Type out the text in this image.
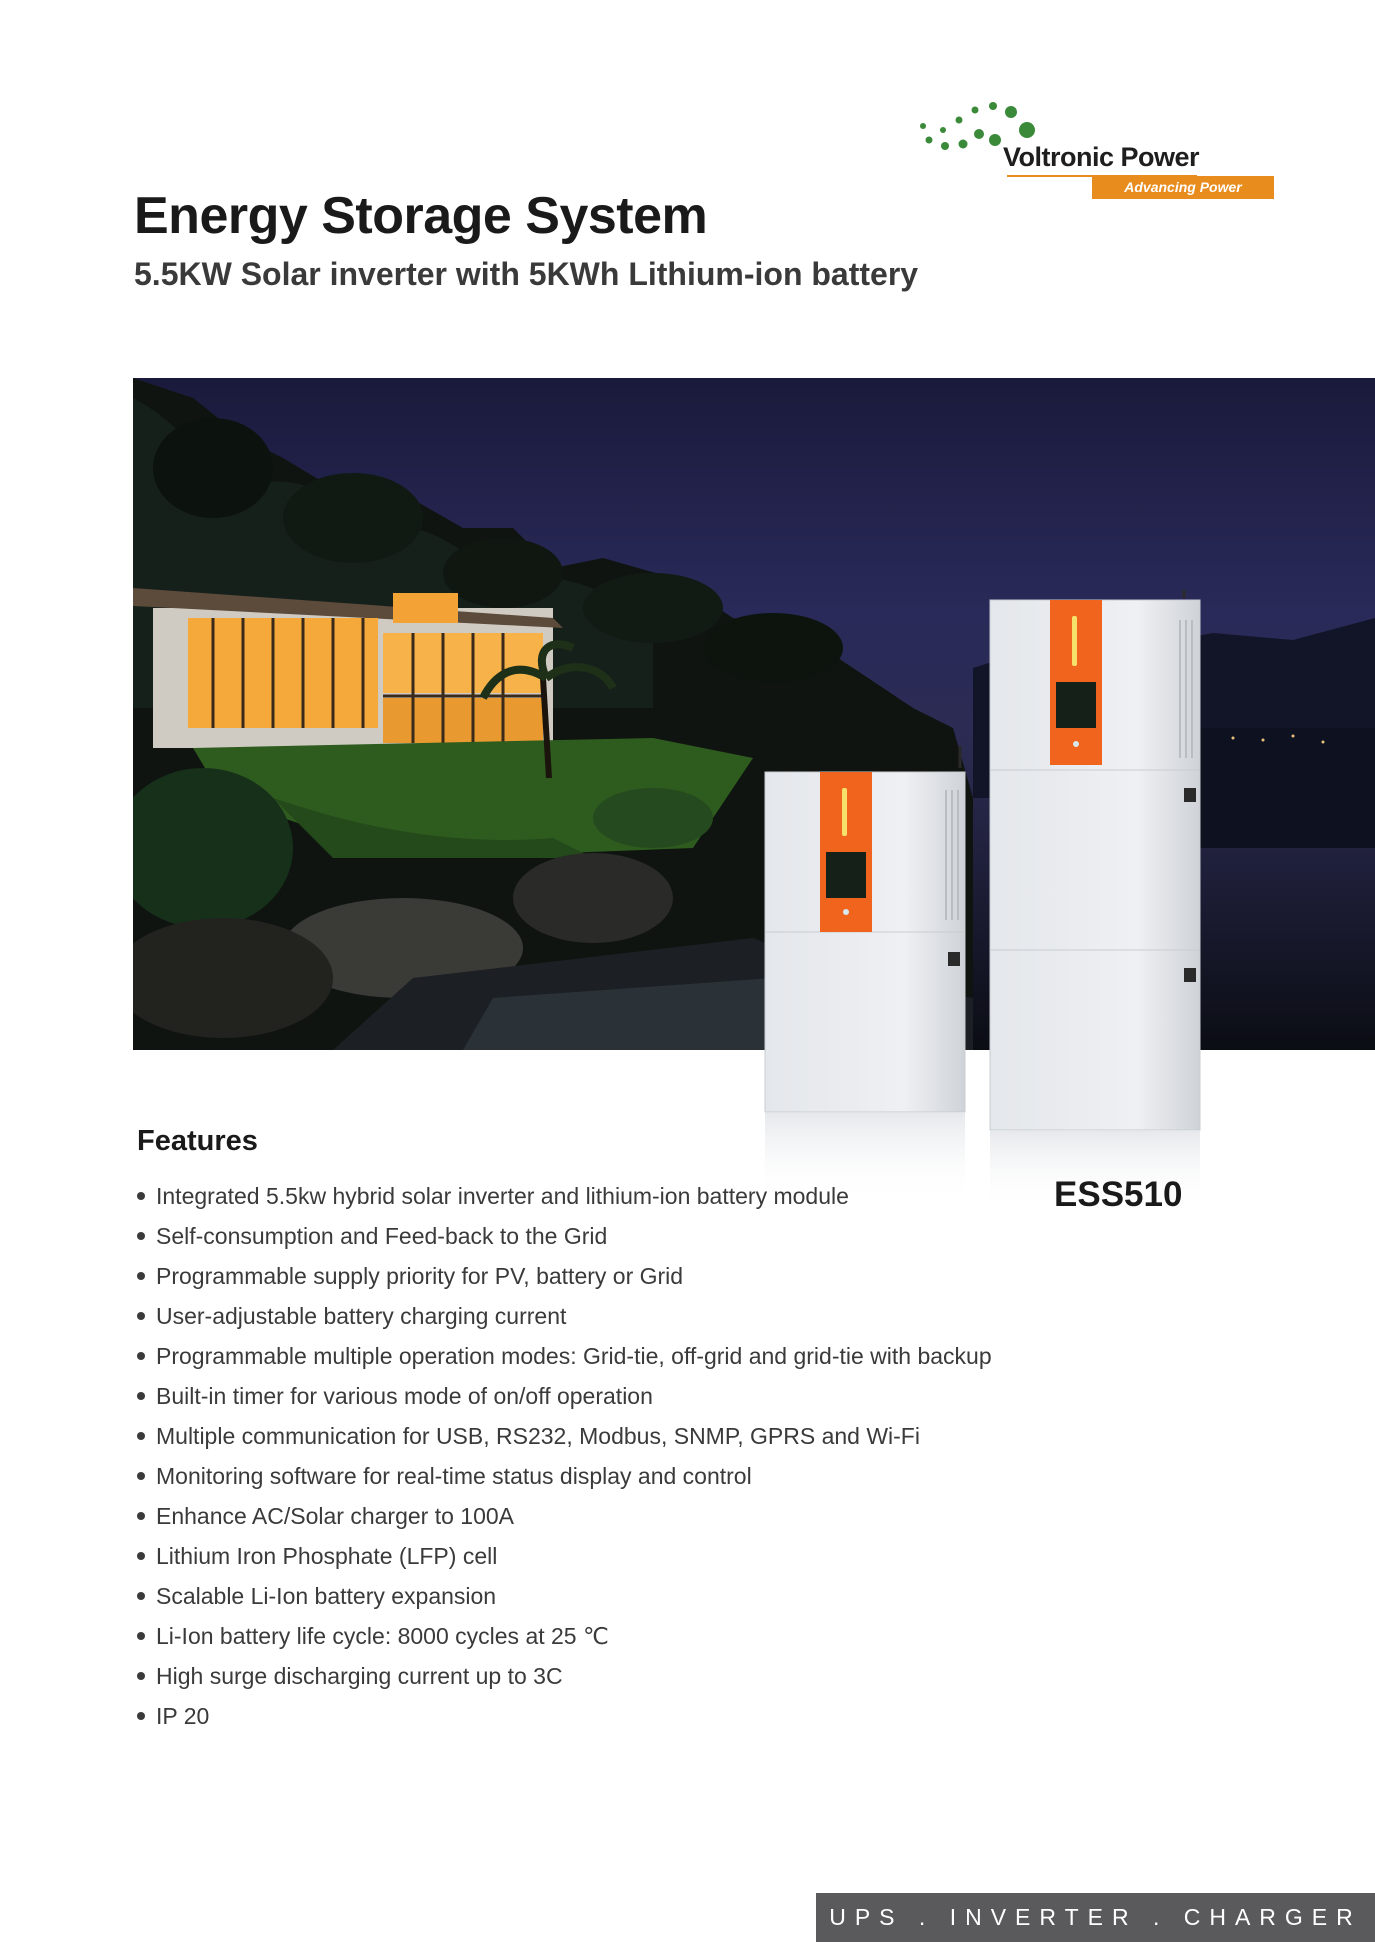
Voltronic Power
Advancing Power
Energy Storage System
5.5KW Solar inverter with 5KWh Lithium-ion battery
Features
ESS510
Integrated 5.5kw hybrid solar inverter and lithium-ion battery module
Self-consumption and Feed-back to the Grid
Programmable supply priority for PV, battery or Grid
User-adjustable battery charging current
Programmable multiple operation modes: Grid-tie, off-grid and grid-tie with backup
Built-in timer for various mode of on/off operation
Multiple communication for USB, RS232, Modbus, SNMP, GPRS and Wi-Fi
Monitoring software for real-time status display and control
Enhance AC/Solar charger to 100A
Lithium Iron Phosphate (LFP) cell
Scalable Li-Ion battery expansion
Li-Ion battery life cycle: 8000 cycles at 25 ℃
High surge discharging current up to 3C
IP 20
UPS . INVERTER . CHARGER
